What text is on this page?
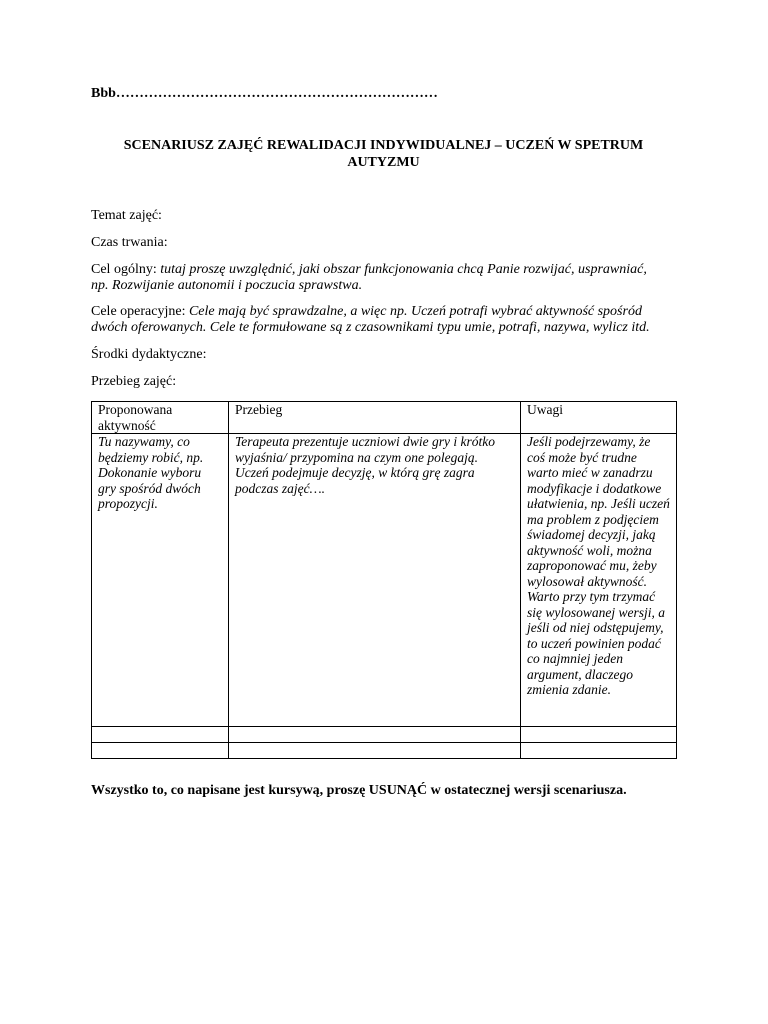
Bbb……………………………………………………………
SCENARIUSZ ZAJĘĆ REWALIDACJI INDYWIDUALNEJ – UCZEŃ W SPETRUM
AUTYZMU
Temat zajęć:
Czas trwania:
Cel ogólny: tutaj proszę uwzględnić, jaki obszar funkcjonowania chcą Panie rozwijać, usprawniać, np. Rozwijanie autonomii i poczucia sprawstwa.
Cele operacyjne: Cele mają być sprawdzalne, a więc np. Uczeń potrafi wybrać aktywność spośród dwóch oferowanych. Cele te formułowane są z czasownikami typu umie, potrafi, nazywa, wylicz itd.
Środki dydaktyczne:
Przebieg zajęć:
Proponowana aktywność	Przebieg	Uwagi
Tu nazywamy, co będziemy robić, np. Dokonanie wyboru gry spośród dwóch propozycji.	Terapeuta prezentuje uczniowi dwie gry i krótko wyjaśnia/ przypomina na czym one polegają. Uczeń podejmuje decyzję, w którą grę zagra podczas zajęć….	Jeśli podejrzewamy, że coś może być trudne warto mieć w zanadrzu modyfikacje i dodatkowe ułatwienia, np. Jeśli uczeń ma problem z podjęciem świadomej decyzji, jaką aktywność woli, można zaproponować mu, żeby wylosował aktywność. Warto przy tym trzymać się wylosowanej wersji, a jeśli od niej odstępujemy, to uczeń powinien podać co najmniej jeden argument, dlaczego zmienia zdanie.

Wszystko to, co napisane jest kursywą, proszę USUNĄĆ w ostatecznej wersji scenariusza.
